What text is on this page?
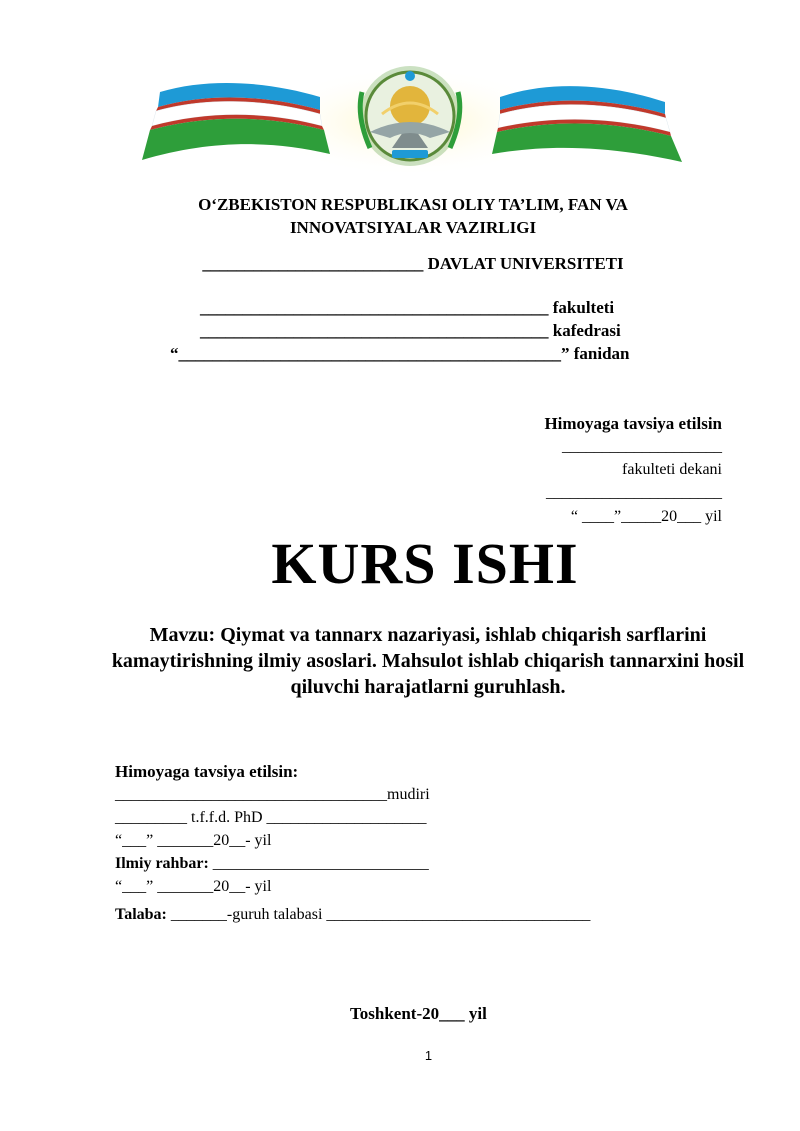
O‘ZBEKISTON RESPUBLIKASI OLIY TA’LIM, FAN VA
INNOVATSIYALAR VAZIRLIGI
__________________________ DAVLAT UNIVERSITETI
_________________________________________ fakulteti
_________________________________________ kafedrasi
“_____________________________________________” fanidan
Himoyaga tavsiya etilsin
____________________
fakulteti dekani
______________________
“ ____”_____20___ yil
KURS ISHI
Mavzu: Qiymat va tannarx nazariyasi, ishlab chiqarish sarflarini kamaytirishning ilmiy asoslari. Mahsulot ishlab chiqarish tannarxini hosil qiluvchi harajatlarni guruhlash.
Himoyaga tavsiya etilsin:
__________________________________mudiri
_________ t.f.f.d. PhD ____________________
“___” _______20__- yil
Ilmiy rahbar: ___________________________
“___” _______20__- yil
Talaba: _______-guruh talabasi _________________________________
Toshkent-20___ yil
1
